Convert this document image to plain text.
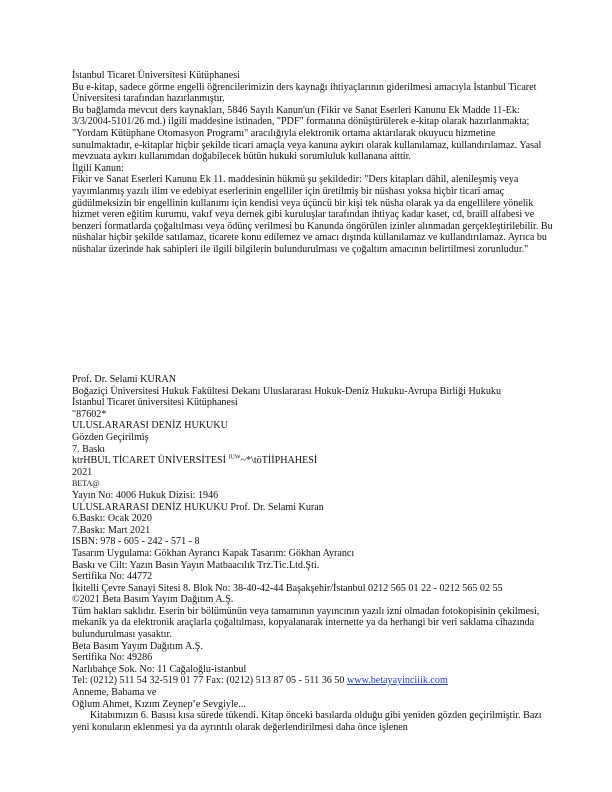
İstanbul Ticaret Üniversitesi Kütüphanesi

Bu e-kitap, sadece görme engelli öğrencilerimizin ders kaynağı ihtiyaçlarının giderilmesi amacıyla İstanbul Ticaret Üniversitesi tarafından hazırlanmıştır.

Bu bağlamda mevcut ders kaynakları, 5846 Sayılı Kanun'un (Fikir ve Sanat Eserleri Kanunu Ek Madde 11-Ek: 3/3/2004-5101/26 md.) ilgili maddesine istinaden, "PDF" formatına dönüştürülerek e-kitap olarak hazırlanmakta; "Yordam Kütüphane Otomasyon Programı" aracılığıyla elektronik ortama aktarılarak okuyucu hizmetine sunulmaktadır, e-kitaplar hiçbir şekilde ticari amaçla veya kanuna aykırı olarak kullanılamaz, kullandırılamaz. Yasal mevzuata aykırı kullanımdan doğabilecek bütün hukuki sorumluluk kullanana aittir.

İlgili Kanun:

Fikir ve Sanat Eserleri Kanunu Ek 11. maddesinin hükmü şu şekildedir: "Ders kitapları dâhil, alenileşmiş veya yayımlanmış yazılı ilim ve edebiyat eserlerinin engelliler için üretilmiş bir nüshası yoksa hiçbir ticarî amaç güdülmeksizin bir engellinin kullanımı için kendisi veya üçüncü bir kişi tek nüsha olarak ya da engellilere yönelik hizmet veren eğitim kurumu, vakıf veya dernek gibi kuruluşlar tarafından ihtiyaç kadar kaset, cd, braill alfabesi ve benzeri formatlarda çoğaltılması veya ödünç verilmesi bu Kanunda öngörülen izinler alınmadan gerçekleştirilebilir. Bu nüshalar hiçbir şekilde satılamaz, ticarete konu edilemez ve amacı dışında kullanılamaz ve kullandırılamaz. Ayrıca bu nüshalar üzerinde hak sahipleri ile ilgili bilgilerin bulundurulması ve çoğaltım amacının belirtilmesi zorunludur."

Prof. Dr. Selami KURAN

Boğaziçi Üniversitesi Hukuk Fakültesi Dekanı Uluslararası Hukuk-Deniz Hukuku-Avrupa Birliği Hukuku

İstanbul Ticaret üniversitesi Kütüphanesi

"87602*

ULUSLARARASI DENİZ HUKUKU

Gözden Geçirilmiş

7. Baskı

ktrHBUL TİCARET ÜNİVERSİTESİ $^{IUW}$~*\töTİİPHAHESİ

2021

BETA@

Yayın No: 4006 Hukuk Dizisi: 1946

ULUSLARARASI DENİZ HUKUKU Prof. Dr. Selami Kuran

6.Baskı: Ocak 2020

7.Baskı: Mart 2021

ISBN: 978 - 605 - 242 - 571 - 8

Tasarım Uygulama: Gökhan Ayrancı Kapak Tasarım: Gökhan Ayrancı

Baskı ve Cilt: Yazın Basın Yayın Matbaacılık Trz.Tic.Ltd.Şti.

Sertifika No: 44772

İkitelli Çevre Sanayi Sitesi 8. Blok No: 38-40-42-44 Başakşehir/İstanbul 0212 565 01 22 - 0212 565 02 55

©2021 Beta Basım Yayım Dağıtım A.Ş.

Tüm hakları saklıdır. Eserin bir bölümünün veya tamamının yayıncının yazılı izni olmadan fotokopisinin çekilmesi, mekanik ya da elektronik araçlarla çoğaltılması, kopyalanarak internette ya da herhangi bir veri saklama cihazında bulundurulması yasaktır.

Beta Basım Yayım Dağıtım A.Ş.

Sertifika No: 49286

Narlıbahçe Sok. No: 11 Cağaloğlu-istanbul

Tel: (0212) 511 54 32-519 01 77 Fax: (0212) 513 87 05 - 511 36 50 www.betayayinciiik.com

Anneme, Babama ve

Oğlum Ahmet, Kızım Zeynep’e Sevgiyle...

Kitabımızın 6. Basısı kısa sürede tükendi. Kitap önceki basılarda olduğu gibi yeniden gözden geçirilmiştir. Bazı yeni konuların eklenmesi ya da ayrıntılı olarak değerlendirilmesi daha önce işlenen
